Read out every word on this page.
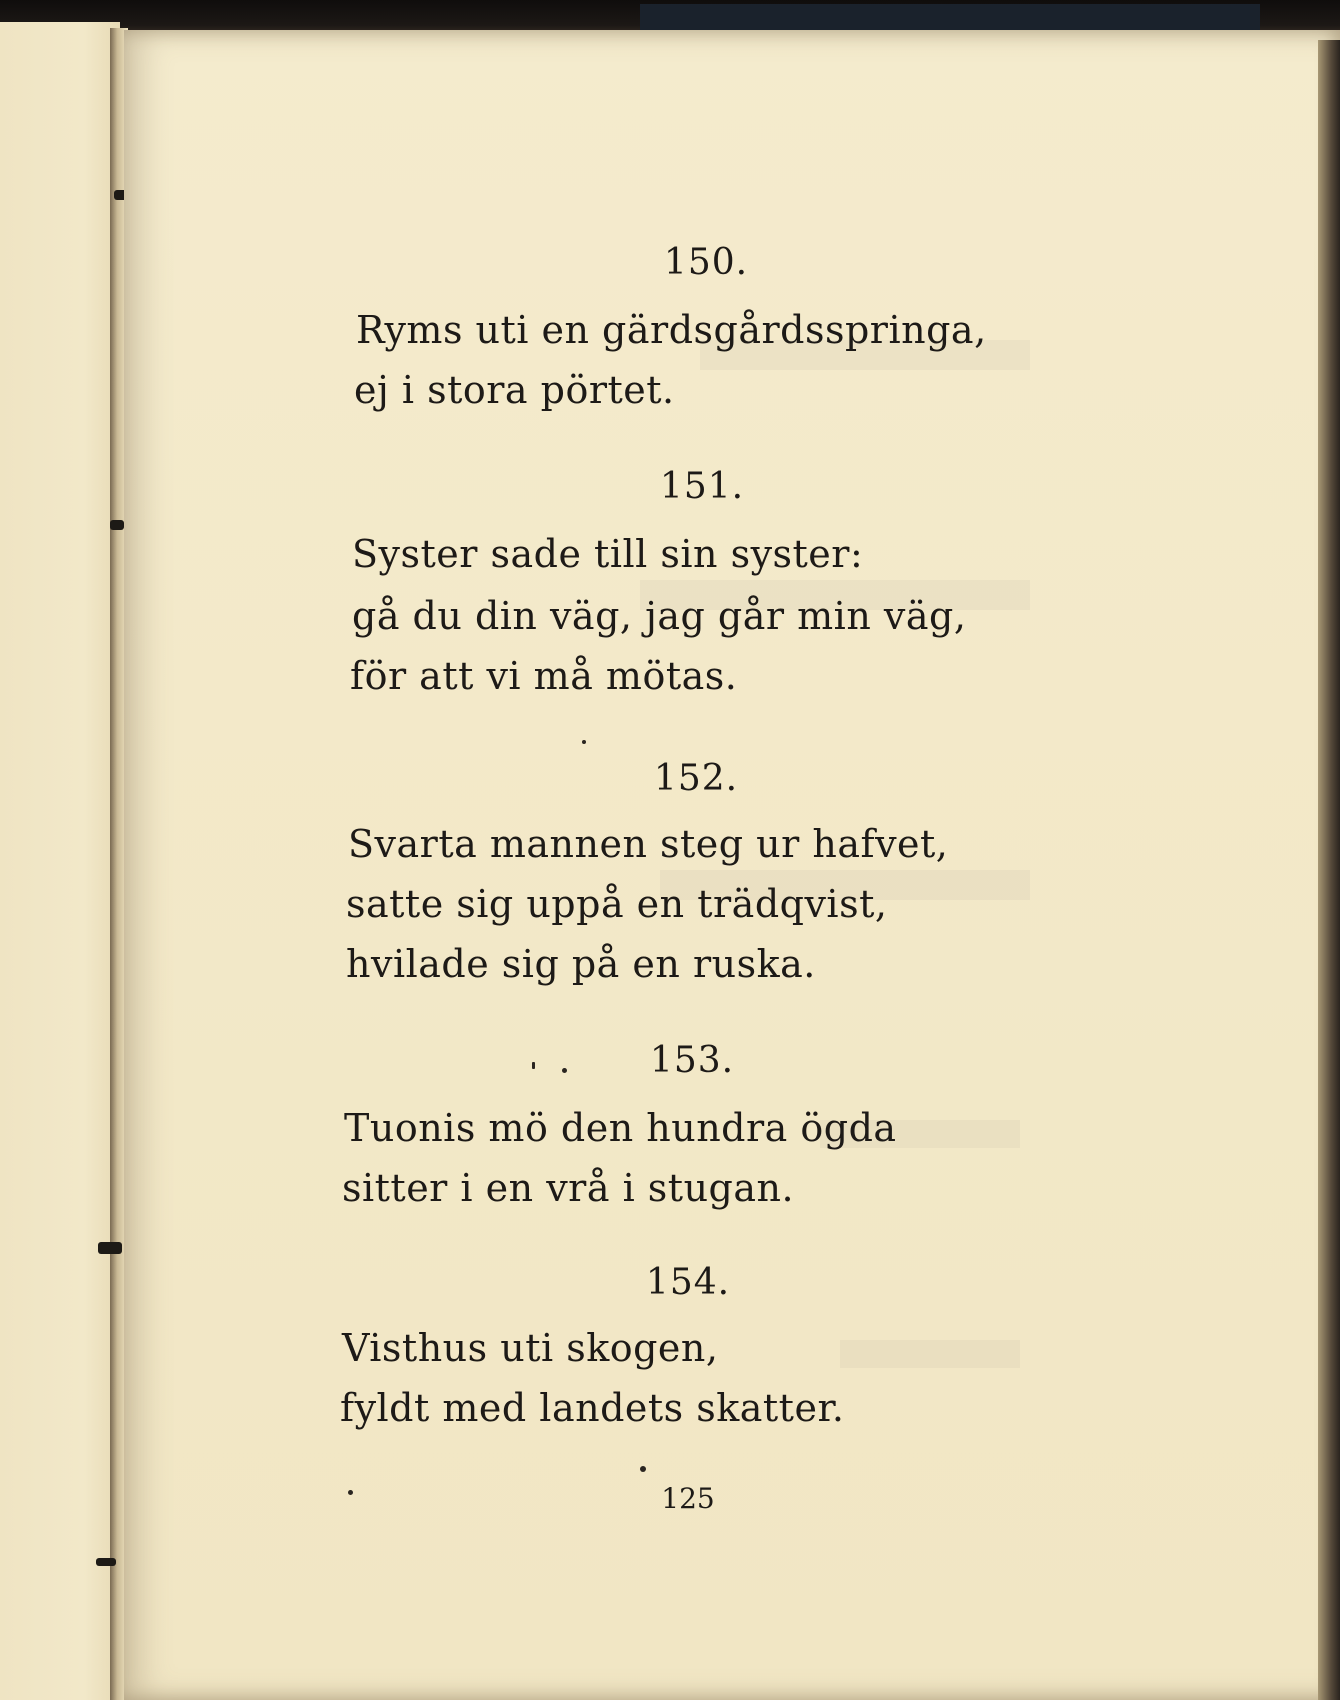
150.
Ryms uti en gärdsgårdsspringa,
ej i stora pörtet.
151.
Syster sade till sin syster:
gå du din väg, jag går min väg,
för att vi må mötas.
152.
Svarta mannen steg ur hafvet,
satte sig uppå en trädqvist,
hvilade sig på en ruska.
153.
Tuonis mö den hundra ögda
sitter i en vrå i stugan.
154.
Visthus uti skogen,
fyldt med landets skatter.
125
